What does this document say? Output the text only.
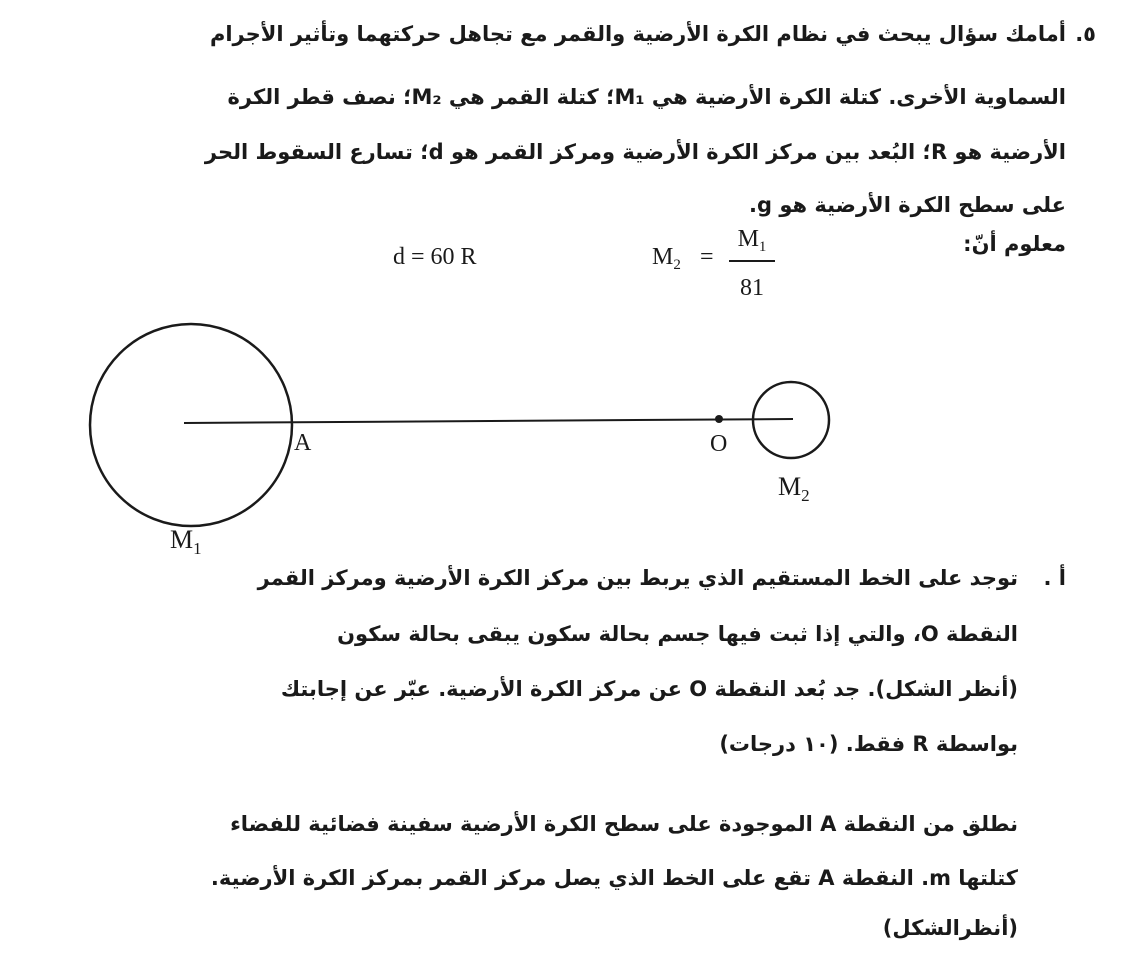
٥.
أمامك سؤال يبحث في نظام الكرة الأرضية والقمر مع تجاهل حركتهما وتأثير الأجرام
السماوية الأخرى. كتلة الكرة الأرضية هي M₁؛ كتلة القمر هي M₂؛ نصف قطر الكرة
الأرضية هو R؛ البُعد بين مركز الكرة الأرضية ومركز القمر هو d؛ تسارع السقوط الحر
على سطح الكرة الأرضية هو g.
معلوم أنّ:
d = 60 R	$M_2$ =
$M_1$
81
A	O
$M_2$
$M_1$
أ .
توجد على الخط المستقيم الذي يربط بين مركز الكرة الأرضية ومركز القمر
النقطة O، والتي إذا ثبت فيها جسم بحالة سكون يبقى بحالة سكون
(أنظر الشكل). جد بُعد النقطة O عن مركز الكرة الأرضية. عبّر عن إجابتك
بواسطة R فقط. (١٠ درجات)
نطلق من النقطة A الموجودة على سطح الكرة الأرضية سفينة فضائية للفضاء
كتلتها m. النقطة A تقع على الخط الذي يصل مركز القمر بمركز الكرة الأرضية.
(أنظرالشكل)
